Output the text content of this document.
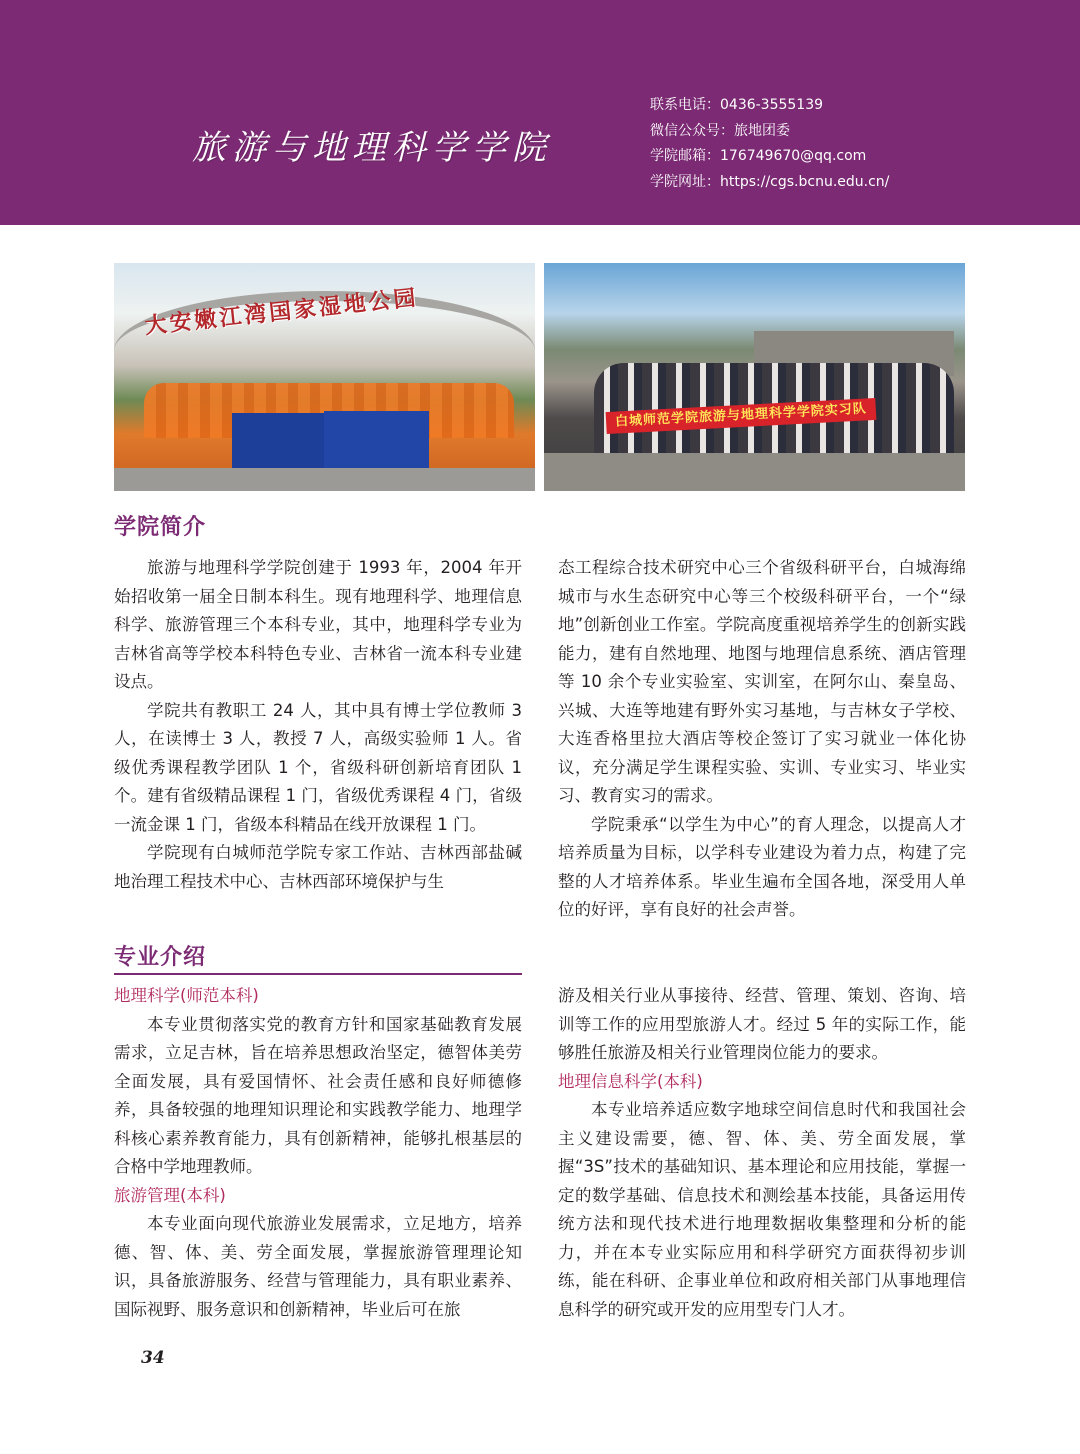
旅游与地理科学学院
联系电话：0436-3555139
微信公众号：旅地团委
学院邮箱：176749670@qq.com
学院网址：https://cgs.bcnu.edu.cn/
大安嫩江湾国家湿地公园
白城师范学院旅游与地理科学学院实习队
学院简介

旅游与地理科学学院创建于 1993 年，2004 年开始招收第一届全日制本科生。现有地理科学、地理信息科学、旅游管理三个本科专业，其中，地理科学专业为吉林省高等学校本科特色专业、吉林省一流本科专业建设点。

学院共有教职工 24 人，其中具有博士学位教师 3 人，在读博士 3 人，教授 7 人，高级实验师 1 人。省级优秀课程教学团队 1 个，省级科研创新培育团队 1 个。建有省级精品课程 1 门，省级优秀课程 4 门，省级一流金课 1 门，省级本科精品在线开放课程 1 门。

学院现有白城师范学院专家工作站、吉林西部盐碱地治理工程技术中心、吉林西部环境保护与生

态工程综合技术研究中心三个省级科研平台，白城海绵城市与水生态研究中心等三个校级科研平台，一个“绿地”创新创业工作室。学院高度重视培养学生的创新实践能力，建有自然地理、地图与地理信息系统、酒店管理等 10 余个专业实验室、实训室，在阿尔山、秦皇岛、兴城、大连等地建有野外实习基地，与吉林女子学校、大连香格里拉大酒店等校企签订了实习就业一体化协议，充分满足学生课程实验、实训、专业实习、毕业实习、教育实习的需求。

学院秉承“以学生为中心”的育人理念，以提高人才培养质量为目标，以学科专业建设为着力点，构建了完整的人才培养体系。毕业生遍布全国各地，深受用人单位的好评，享有良好的社会声誉。

专业介绍
地理科学(师范本科)

本专业贯彻落实党的教育方针和国家基础教育发展需求，立足吉林，旨在培养思想政治坚定，德智体美劳全面发展，具有爱国情怀、社会责任感和良好师德修养，具备较强的地理知识理论和实践教学能力、地理学科核心素养教育能力，具有创新精神，能够扎根基层的合格中学地理教师。

旅游管理(本科)

本专业面向现代旅游业发展需求，立足地方，培养德、智、体、美、劳全面发展，掌握旅游管理理论知识，具备旅游服务、经营与管理能力，具有职业素养、国际视野、服务意识和创新精神，毕业后可在旅

游及相关行业从事接待、经营、管理、策划、咨询、培训等工作的应用型旅游人才。经过 5 年的实际工作，能够胜任旅游及相关行业管理岗位能力的要求。

地理信息科学(本科)

本专业培养适应数字地球空间信息时代和我国社会主义建设需要，德、智、体、美、劳全面发展，掌握“3S”技术的基础知识、基本理论和应用技能，掌握一定的数学基础、信息技术和测绘基本技能，具备运用传统方法和现代技术进行地理数据收集整理和分析的能力，并在本专业实际应用和科学研究方面获得初步训练，能在科研、企事业单位和政府相关部门从事地理信息科学的研究或开发的应用型专门人才。

34
